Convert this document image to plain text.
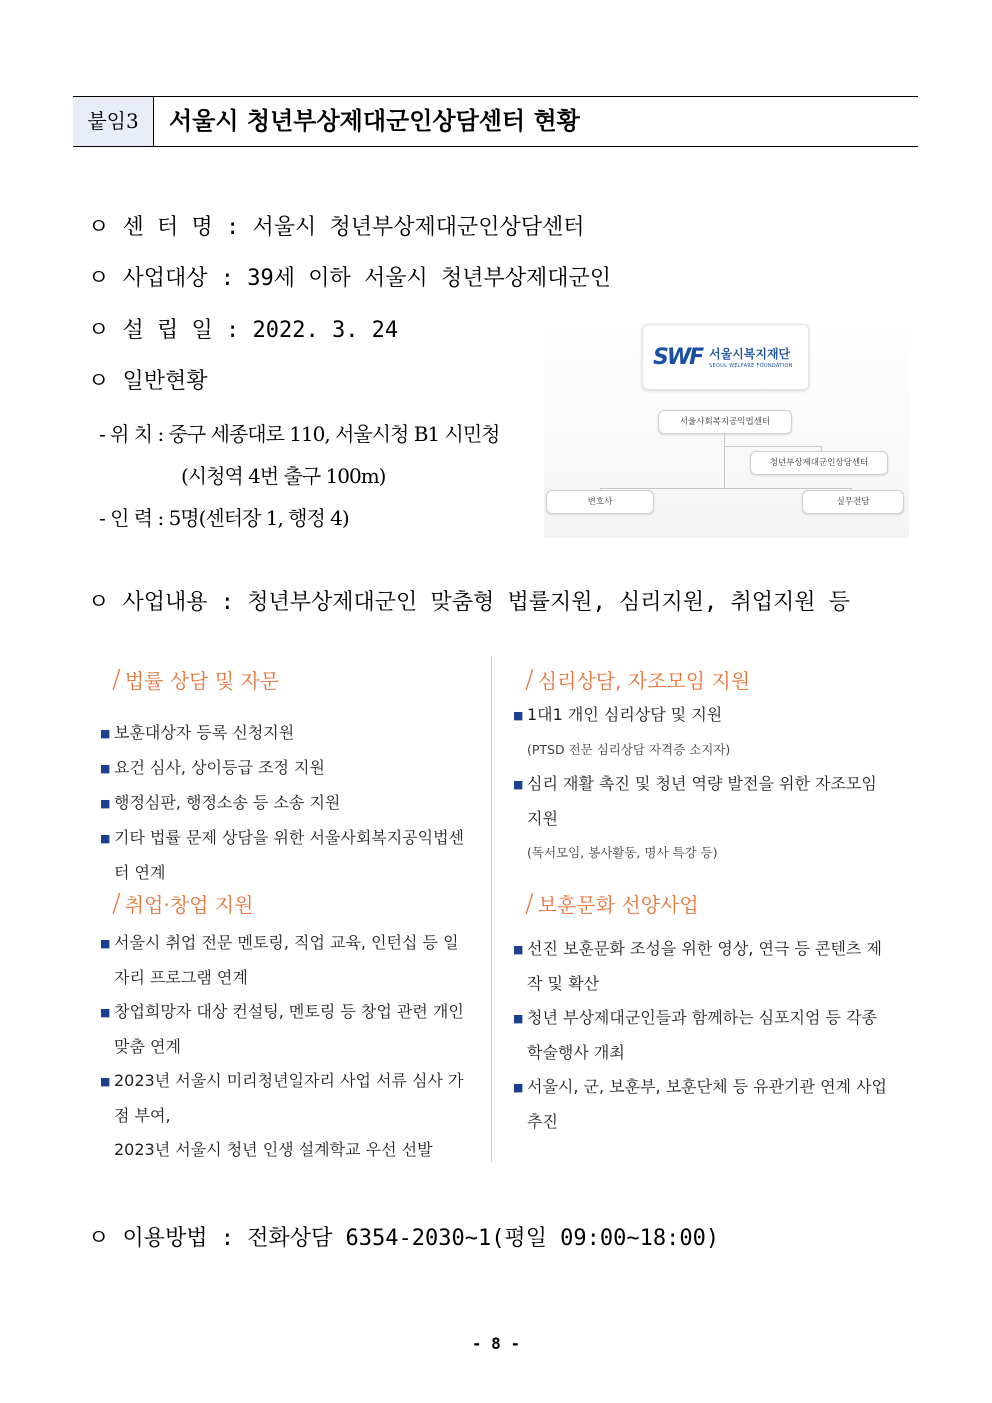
붙임3	서울시 청년부상제대군인상담센터 현황
ㅇ 센 터 명 : 서울시 청년부상제대군인상담센터
ㅇ 사업대상 : 39세 이하 서울시 청년부상제대군인
ㅇ 설 립 일 : 2022. 3. 24
ㅇ 일반현황
- 위 치 : 중구 세종대로 110, 서울시청 B1 시민청
(시청역 4번 출구 100m)
- 인 력 : 5명(센터장 1, 행정 4)
SWF 서울시복지재단
SEOUL WELFARE FOUNDATION
서울사회복지공익법센터
청년부상제대군인상담센터
변호사	실무전담
ㅇ 사업내용 : 청년부상제대군인 맞춤형 법률지원, 심리지원, 취업지원 등
/ 법률 상담 및 자문
■ 보훈대상자 등록 신청지원
■ 요건 심사, 상이등급 조정 지원
■ 행정심판, 행정소송 등 소송 지원
■ 기타 법률 문제 상담을 위한 서울사회복지공익법센
터 연계
/ 취업·창업 지원
■ 서울시 취업 전문 멘토링, 직업 교육, 인턴십 등 일
자리 프로그램 연계
■ 창업희망자 대상 컨설팅, 멘토링 등 창업 관련 개인
맞춤 연계
■ 2023년 서울시 미리청년일자리 사업 서류 심사 가
점 부여,
2023년 서울시 청년 인생 설계학교 우선 선발
/ 심리상담, 자조모임 지원
■ 1대1 개인 심리상담 및 지원
(PTSD 전문 심리상담 자격증 소지자)
■ 심리 재활 촉진 및 청년 역량 발전을 위한 자조모임
지원
(독서모임, 봉사활동, 명사 특강 등)
/ 보훈문화 선양사업
■ 선진 보훈문화 조성을 위한 영상, 연극 등 콘텐츠 제
작 및 확산
■ 청년 부상제대군인들과 함께하는 심포지엄 등 각종
학술행사 개최
■ 서울시, 군, 보훈부, 보훈단체 등 유관기관 연계 사업
추진
ㅇ 이용방법 : 전화상담 6354-2030~1(평일 09:00~18:00)
- 8 -
